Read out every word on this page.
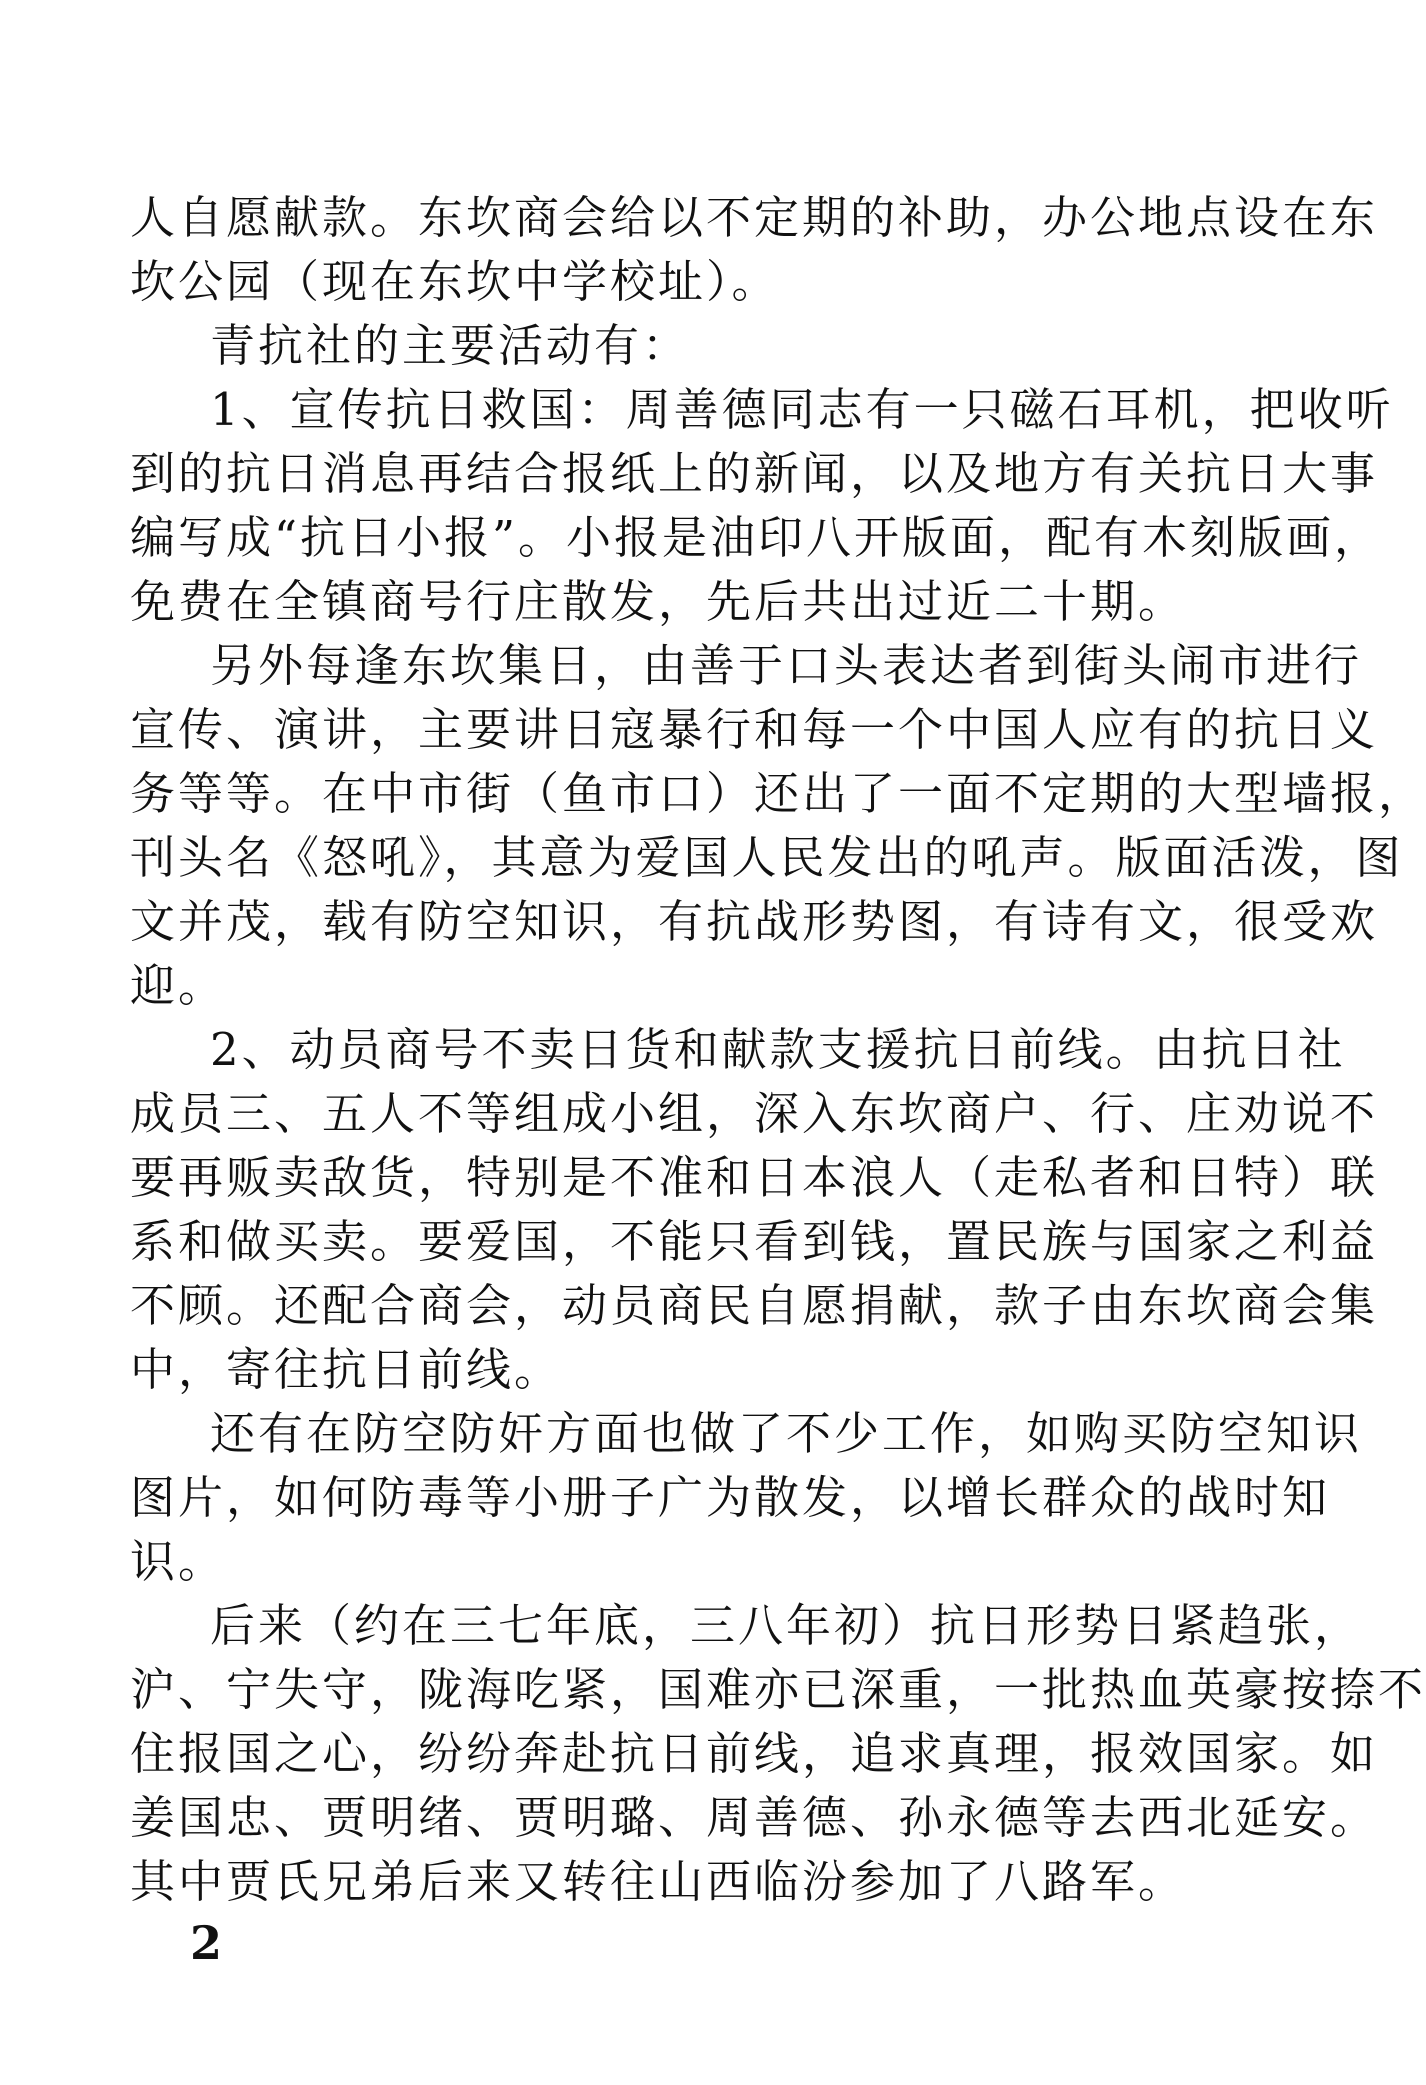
人自愿献款。东坎商会给以不定期的补助，办公地点设在东
坎公园（现在东坎中学校址）。
青抗社的主要活动有：
1、宣传抗日救国：周善德同志有一只磁石耳机，把收听
到的抗日消息再结合报纸上的新闻，以及地方有关抗日大事
编写成“抗日小报”。小报是油印八开版面，配有木刻版画，
免费在全镇商号行庄散发，先后共出过近二十期。
另外每逢东坎集日，由善于口头表达者到街头闹市进行
宣传、演讲，主要讲日寇暴行和每一个中国人应有的抗日义
务等等。在中市街（鱼市口）还出了一面不定期的大型墙报，
刊头名《怒吼》，其意为爱国人民发出的吼声。版面活泼，图
文并茂，载有防空知识，有抗战形势图，有诗有文，很受欢
迎。
2、动员商号不卖日货和献款支援抗日前线。由抗日社
成员三、五人不等组成小组，深入东坎商户、行、庄劝说不
要再贩卖敌货，特别是不准和日本浪人（走私者和日特）联
系和做买卖。要爱国，不能只看到钱，置民族与国家之利益
不顾。还配合商会，动员商民自愿捐献，款子由东坎商会集
中，寄往抗日前线。
还有在防空防奸方面也做了不少工作，如购买防空知识
图片，如何防毒等小册子广为散发，以增长群众的战时知
识。
后来（约在三七年底，三八年初）抗日形势日紧趋张，
沪、宁失守，陇海吃紧，国难亦已深重，一批热血英豪按捺不
住报国之心，纷纷奔赴抗日前线，追求真理，报效国家。如
姜国忠、贾明绪、贾明璐、周善德、孙永德等去西北延安。
其中贾氏兄弟后来又转往山西临汾参加了八路军。
2
